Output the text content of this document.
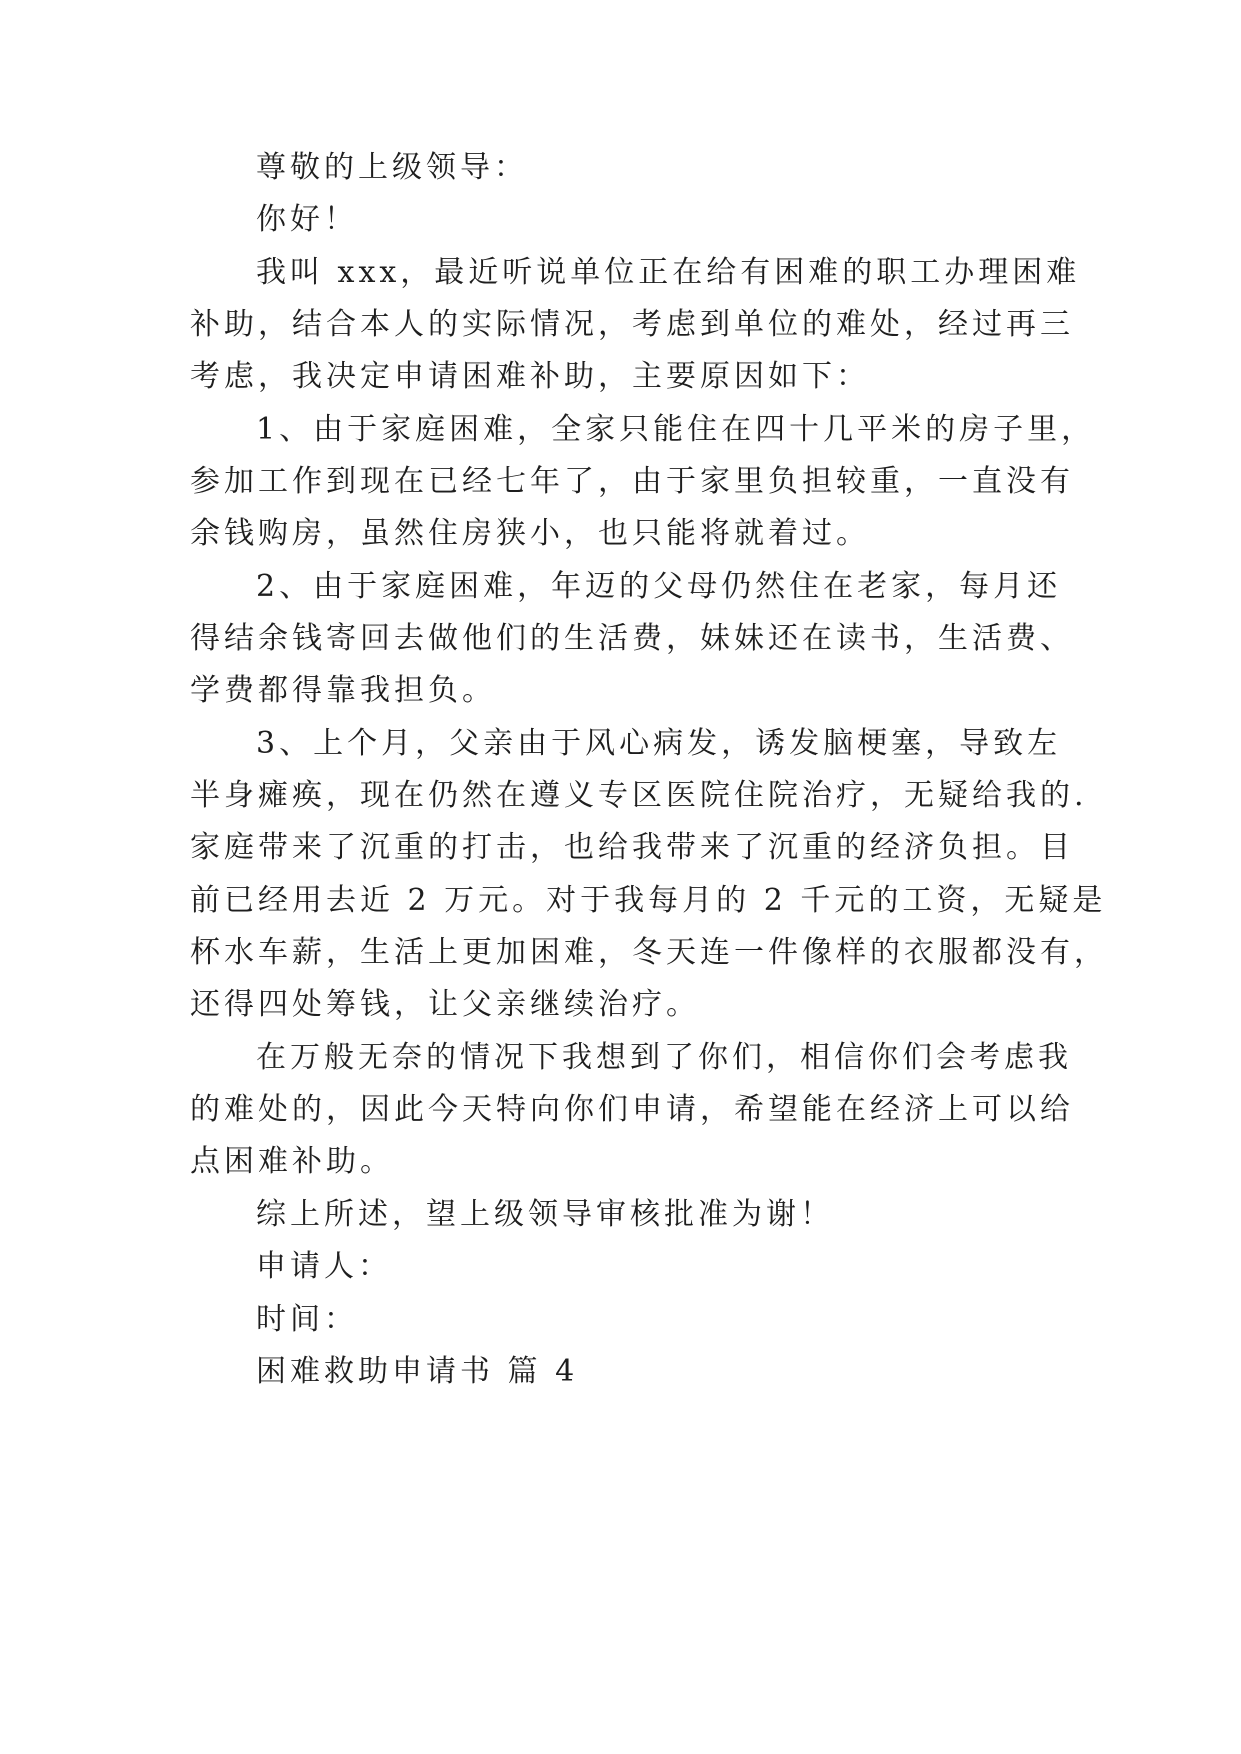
尊敬的上级领导：

你好！

我叫 xxx，最近听说单位正在给有困难的职工办理困难

补助，结合本人的实际情况，考虑到单位的难处，经过再三

考虑，我决定申请困难补助，主要原因如下：

1、由于家庭困难，全家只能住在四十几平米的房子里，

参加工作到现在已经七年了，由于家里负担较重，一直没有

余钱购房，虽然住房狭小，也只能将就着过。

2、由于家庭困难，年迈的父母仍然住在老家，每月还

得结余钱寄回去做他们的生活费，妹妹还在读书，生活费、

学费都得靠我担负。

3、上个月，父亲由于风心病发，诱发脑梗塞，导致左

半身瘫痪，现在仍然在遵义专区医院住院治疗，无疑给我的.

家庭带来了沉重的打击，也给我带来了沉重的经济负担。目

前已经用去近 2 万元。对于我每月的 2 千元的工资，无疑是

杯水车薪，生活上更加困难，冬天连一件像样的衣服都没有，

还得四处筹钱，让父亲继续治疗。

在万般无奈的情况下我想到了你们，相信你们会考虑我

的难处的，因此今天特向你们申请，希望能在经济上可以给

点困难补助。

综上所述，望上级领导审核批准为谢！

申请人：

时间：

困难救助申请书 篇 4
